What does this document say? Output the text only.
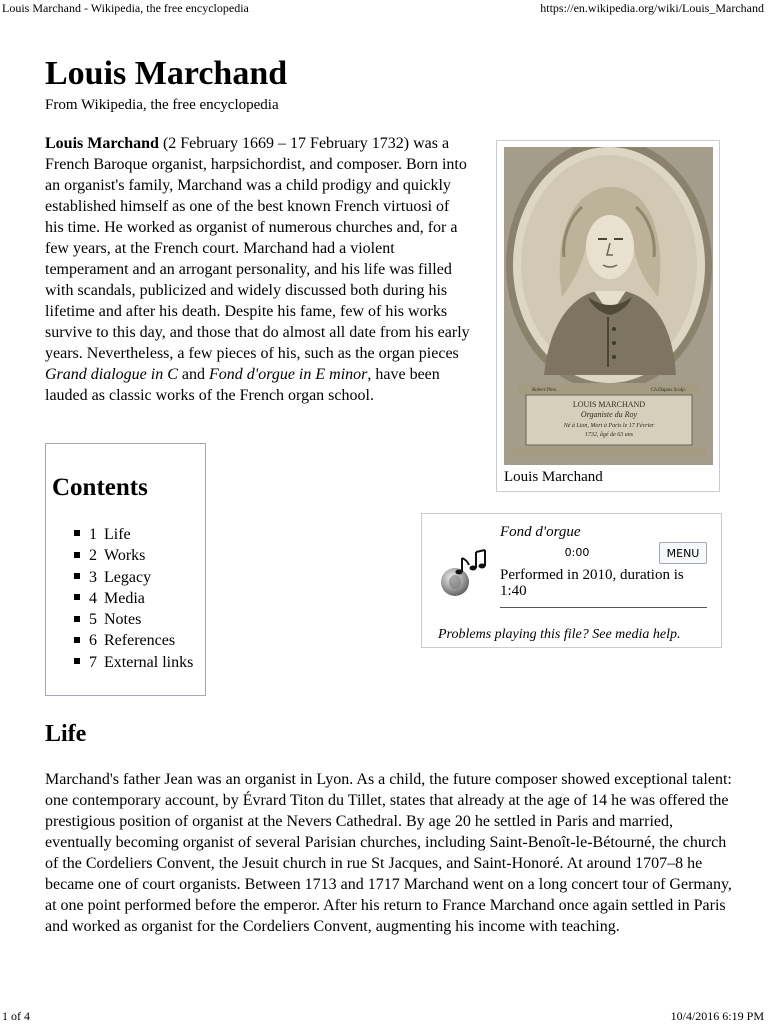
Louis Marchand - Wikipedia, the free encyclopedia	https://en.wikipedia.org/wiki/Louis_Marchand
Louis Marchand
From Wikipedia, the free encyclopedia

Louis Marchand (2 February 1669 – 17 February 1732) was a French Baroque organist, harpsichordist, and composer. Born into an organist's family, Marchand was a child prodigy and quickly established himself as one of the best known French virtuosi of his time. He worked as organist of numerous churches and, for a few years, at the French court. Marchand had a violent temperament and an arrogant personality, and his life was filled with scandals, publicized and widely discussed both during his lifetime and after his death. Despite his fame, few of his works survive to this day, and those that do almost all date from his early years. Nevertheless, a few pieces of his, such as the organ pieces Grand dialogue in C and Fond d'orgue in E minor, have been lauded as classic works of the French organ school.	Robert Pinx.	Ch.Dupuis Sculp.
LOUIS MARCHAND
Organiste du Roy
Né à Lion, Mort à Paris le 17 Février
1732, âgé de 63 ans
Louis Marchand
Contents
1 Life
2 Works
3 Legacy
4 Media
5 Notes
6 References
7 External links
Fond d'orgue
0:00	MENU
Performed in 2010, duration is 1:40
Problems playing this file? See media help.
Life

Marchand's father Jean was an organist in Lyon. As a child, the future composer showed exceptional talent: one contemporary account, by Évrard Titon du Tillet, states that already at the age of 14 he was offered the prestigious position of organist at the Nevers Cathedral. By age 20 he settled in Paris and married, eventually becoming organist of several Parisian churches, including Saint-Benoît-le-Bétourné, the church of the Cordeliers Convent, the Jesuit church in rue St Jacques, and Saint-Honoré. At around 1707–8 he became one of court organists. Between 1713 and 1717 Marchand went on a long concert tour of Germany, at one point performed before the emperor. After his return to France Marchand once again settled in Paris and worked as organist for the Cordeliers Convent, augmenting his income with teaching.

1 of 4	10/4/2016 6:19 PM
